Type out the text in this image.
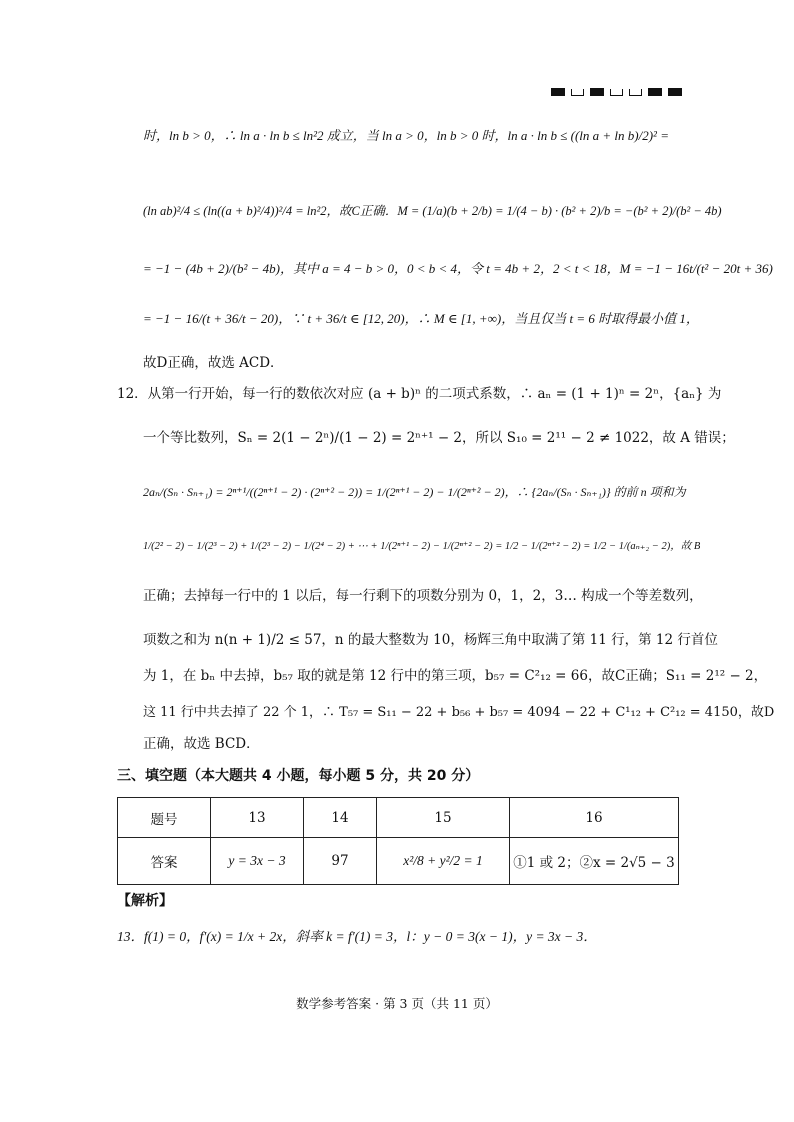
时，ln b > 0，∴ ln a · ln b ≤ ln²2 成立，当 ln a > 0，ln b > 0 时，ln a · ln b ≤ ((ln a + ln b)/2)² =
(ln ab)²/4 ≤ (ln((a + b)²/4))²/4 = ln²2，故C正确．M = (1/a)(b + 2/b) = 1/(4 − b) · (b² + 2)/b = −(b² + 2)/(b² − 4b)
= −1 − (4b + 2)/(b² − 4b)，其中 a = 4 − b > 0，0 < b < 4，令 t = 4b + 2，2 < t < 18，M = −1 − 16t/(t² − 20t + 36)
= −1 − 16/(t + 36/t − 20)，∵ t + 36/t ∈ [12, 20)，∴ M ∈ [1, +∞)，当且仅当 t = 6 时取得最小值 1，
故D正确，故选 ACD．
12．从第一行开始，每一行的数依次对应 (a + b)ⁿ 的二项式系数，∴ aₙ = (1 + 1)ⁿ = 2ⁿ，{aₙ} 为
一个等比数列，Sₙ = 2(1 − 2ⁿ)/(1 − 2) = 2ⁿ⁺¹ − 2，所以 S₁₀ = 2¹¹ − 2 ≠ 1022，故 A 错误；
2aₙ/(Sₙ · Sₙ₊₁) = 2ⁿ⁺¹/((2ⁿ⁺¹ − 2) · (2ⁿ⁺² − 2)) = 1/(2ⁿ⁺¹ − 2) − 1/(2ⁿ⁺² − 2)，∴ {2aₙ/(Sₙ · Sₙ₊₁)} 的前 n 项和为
1/(2² − 2) − 1/(2³ − 2) + 1/(2³ − 2) − 1/(2⁴ − 2) + ⋯ + 1/(2ⁿ⁺¹ − 2) − 1/(2ⁿ⁺² − 2) = 1/2 − 1/(2ⁿ⁺² − 2) = 1/2 − 1/(aₙ₊₂ − 2)，故 B
正确；去掉每一行中的 1 以后，每一行剩下的项数分别为 0，1，2，3… 构成一个等差数列，
项数之和为 n(n + 1)/2 ≤ 57，n 的最大整数为 10，杨辉三角中取满了第 11 行，第 12 行首位
为 1，在 bₙ 中去掉，b₅₇ 取的就是第 12 行中的第三项，b₅₇ = C²₁₂ = 66，故C正确；S₁₁ = 2¹² − 2，
这 11 行中共去掉了 22 个 1，∴ T₅₇ = S₁₁ − 22 + b₅₆ + b₅₇ = 4094 − 22 + C¹₁₂ + C²₁₂ = 4150，故D
正确，故选 BCD．
三、填空题（本大题共 4 小题，每小题 5 分，共 20 分）
题号	13	14	15	16
答案	y = 3x − 3	97	x²/8 + y²/2 = 1	①1 或 2；②x = 2√5 − 3
【解析】
13．f(1) = 0，f′(x) = 1/x + 2x，斜率 k = f′(1) = 3，l：y − 0 = 3(x − 1)，y = 3x − 3．
数学参考答案 · 第 3 页（共 11 页）
